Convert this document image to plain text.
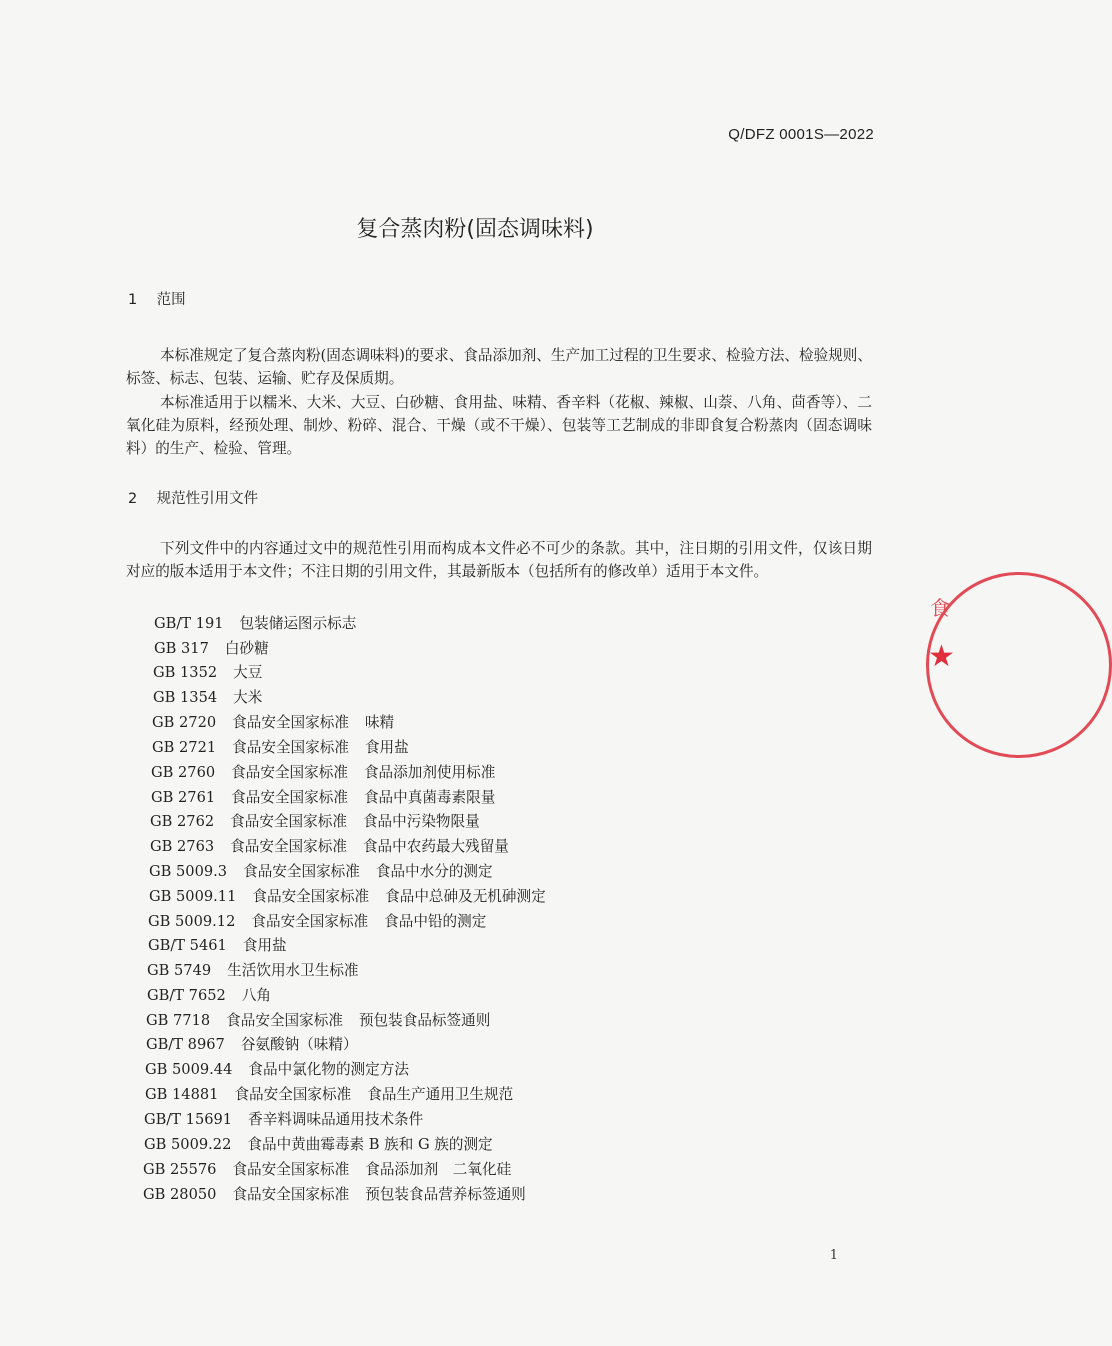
Q/DFZ 0001S—2022
复合蒸肉粉(固态调味料)
1 范围
本标准规定了复合蒸肉粉(固态调味料)的要求、食品添加剂、生产加工过程的卫生要求、检验方法、检验规则、标签、标志、包装、运输、贮存及保质期。
本标准适用于以糯米、大米、大豆、白砂糖、食用盐、味精、香辛料（花椒、辣椒、山萘、八角、茴香等）、二氧化硅为原料，经预处理、制炒、粉碎、混合、干燥（或不干燥）、包装等工艺制成的非即食复合粉蒸肉（固态调味料）的生产、检验、管理。
2 规范性引用文件
下列文件中的内容通过文中的规范性引用而构成本文件必不可少的条款。其中，注日期的引用文件，仅该日期对应的版本适用于本文件；不注日期的引用文件，其最新版本（包括所有的修改单）适用于本文件。
GB/T 191 包装储运图示标志
GB 317 白砂糖
GB 1352 大豆
GB 1354 大米
GB 2720 食品安全国家标准 味精
GB 2721 食品安全国家标准 食用盐
GB 2760 食品安全国家标准 食品添加剂使用标准
GB 2761 食品安全国家标准 食品中真菌毒素限量
GB 2762 食品安全国家标准 食品中污染物限量
GB 2763 食品安全国家标准 食品中农药最大残留量
GB 5009.3 食品安全国家标准 食品中水分的测定
GB 5009.11 食品安全国家标准 食品中总砷及无机砷测定
GB 5009.12 食品安全国家标准 食品中铅的测定
GB/T 5461 食用盐
GB 5749 生活饮用水卫生标准
GB/T 7652 八角
GB 7718 食品安全国家标准 预包装食品标签通则
GB/T 8967 谷氨酸钠（味精）
GB 5009.44 食品中氯化物的测定方法
GB 14881 食品安全国家标准 食品生产通用卫生规范
GB/T 15691 香辛料调味品通用技术条件
GB 5009.22 食品中黄曲霉毒素 B 族和 G 族的测定
GB 25576 食品安全国家标准 食品添加剂　二氧化硅
GB 28050 食品安全国家标准 预包装食品营养标签通则
1
食
★
